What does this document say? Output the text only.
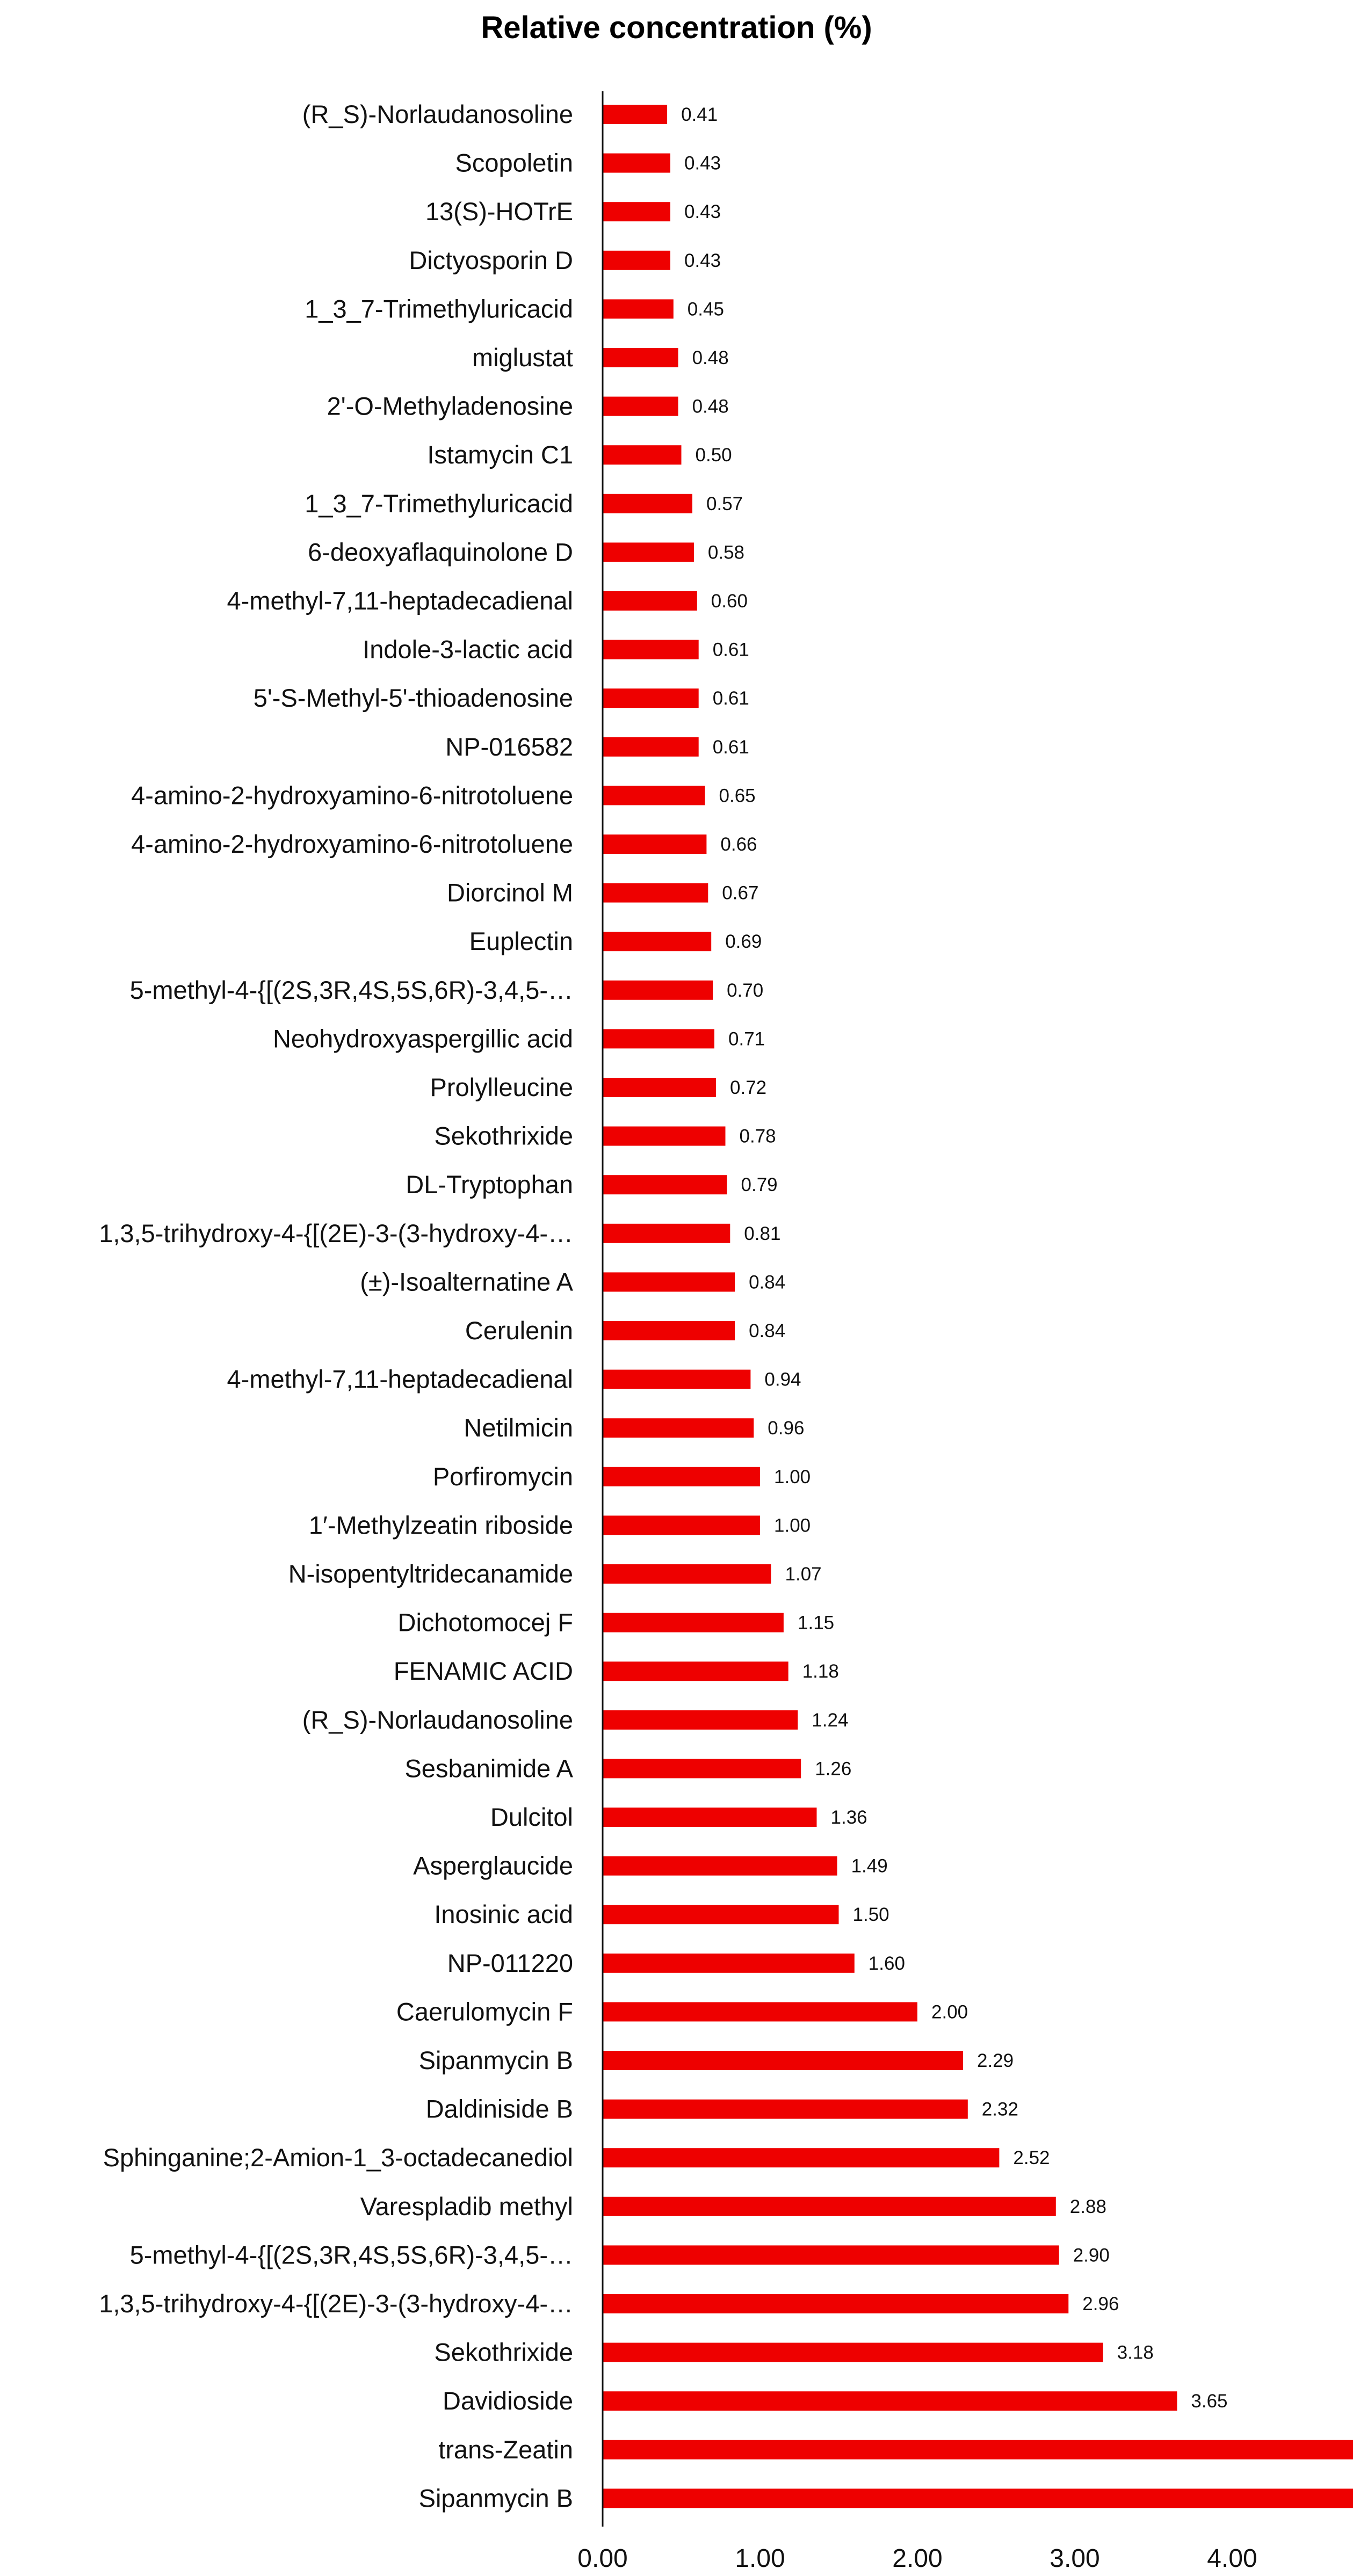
Relative concentration (%)
(R_S)-Norlaudanosoline
Scopoletin
13(S)-HOTrE
Dictyosporin D
1_3_7-Trimethyluricacid
miglustat
2'-O-Methyladenosine
Istamycin C1
1_3_7-Trimethyluricacid
6-deoxyaflaquinolone D
4-methyl-7,11-heptadecadienal
Indole-3-lactic acid
5'-S-Methyl-5'-thioadenosine
NP-016582
4-amino-2-hydroxyamino-6-nitrotoluene
4-amino-2-hydroxyamino-6-nitrotoluene
Diorcinol M
Euplectin
5-methyl-4-{[(2S,3R,4S,5S,6R)-3,4,5-…
Neohydroxyaspergillic acid
Prolylleucine
Sekothrixide
DL-Tryptophan
1,3,5-trihydroxy-4-{[(2E)-3-(3-hydroxy-4-…
(±)-Isoalternatine A
Cerulenin
4-methyl-7,11-heptadecadienal
Netilmicin
Porfiromycin
1′-Methylzeatin riboside
N-isopentyltridecanamide
Dichotomocej F
FENAMIC ACID
(R_S)-Norlaudanosoline
Sesbanimide A
Dulcitol
Asperglaucide
Inosinic acid
NP-011220
Caerulomycin F
Sipanmycin B
Daldiniside B
Sphinganine;2-Amion-1_3-octadecanediol
Varespladib methyl
5-methyl-4-{[(2S,3R,4S,5S,6R)-3,4,5-…
1,3,5-trihydroxy-4-{[(2E)-3-(3-hydroxy-4-…
Sekothrixide
Davidioside
trans-Zeatin
Sipanmycin B
0.41
0.43
0.43
0.43
0.45
0.48
0.48
0.50
0.57
0.58
0.60
0.61
0.61
0.61
0.65
0.66
0.67
0.69
0.70
0.71
0.72
0.78
0.79
0.81
0.84
0.84
0.94
0.96
1.00
1.00
1.07
1.15
1.18
1.24
1.26
1.36
1.49
1.50
1.60
2.00
2.29
2.32
2.52
2.88
2.90
2.96
3.18
3.65
0.00	1.00	2.00	3.00	4.00
